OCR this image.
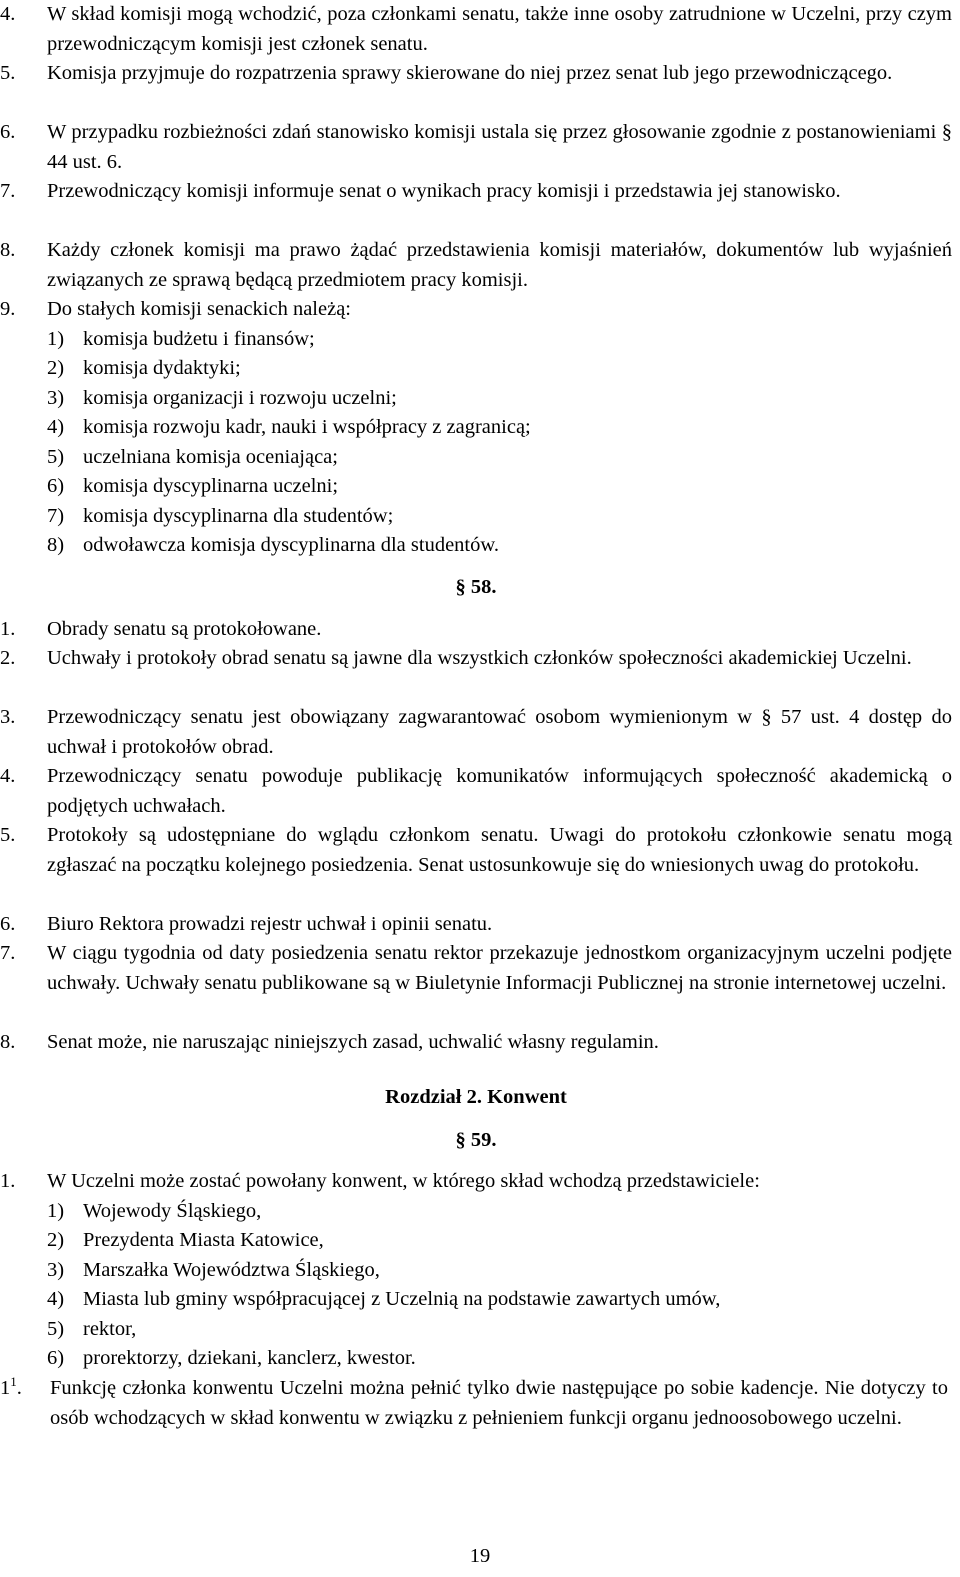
4.	W skład komisji mogą wchodzić, poza członkami senatu, także inne osoby zatrudnione w Uczelni, przy czym przewodniczącym komisji jest członek senatu.
5.	Komisja przyjmuje do rozpatrzenia sprawy skierowane do niej przez senat lub jego przewodniczącego.
6.	W przypadku rozbieżności zdań stanowisko komisji ustala się przez głosowanie zgodnie z postanowieniami § 44 ust. 6.
7.	Przewodniczący komisji informuje senat o wynikach pracy komisji i przedstawia jej stanowisko.
8.	Każdy członek komisji ma prawo żądać przedstawienia komisji materiałów, dokumentów lub wyjaśnień związanych ze sprawą będącą przedmiotem pracy komisji.
9.	Do stałych komisji senackich należą:
1) komisja budżetu i finansów;
2) komisja dydaktyki;
3) komisja organizacji i rozwoju uczelni;
4) komisja rozwoju kadr, nauki i współpracy z zagranicą;
5) uczelniana komisja oceniająca;
6) komisja dyscyplinarna uczelni;
7) komisja dyscyplinarna dla studentów;
8) odwoławcza komisja dyscyplinarna dla studentów.
§ 58.
1.	Obrady senatu są protokołowane.
2.	Uchwały i protokoły obrad senatu są jawne dla wszystkich członków społeczności akademickiej Uczelni.
3.	Przewodniczący senatu jest obowiązany zagwarantować osobom wymienionym w § 57 ust. 4 dostęp do uchwał i protokołów obrad.
4.	Przewodniczący senatu powoduje publikację komunikatów informujących społeczność akademicką o podjętych uchwałach.
5.	Protokoły są udostępniane do wglądu członkom senatu. Uwagi do protokołu członkowie senatu mogą zgłaszać na początku kolejnego posiedzenia. Senat ustosunkowuje się do wniesionych uwag do protokołu.
6.	Biuro Rektora prowadzi rejestr uchwał i opinii senatu.
7.	W ciągu tygodnia od daty posiedzenia senatu rektor przekazuje jednostkom organizacyjnym uczelni podjęte uchwały. Uchwały senatu publikowane są w Biuletynie Informacji Publicznej na stronie internetowej uczelni.
8.	Senat może, nie naruszając niniejszych zasad, uchwalić własny regulamin.
Rozdział 2. Konwent
§ 59.
1.	W Uczelni może zostać powołany konwent, w którego skład wchodzą przedstawiciele:
1) Wojewody Śląskiego,
2) Prezydenta Miasta Katowice,
3) Marszałka Województwa Śląskiego,
4) Miasta lub gminy współpracującej z Uczelnią na podstawie zawartych umów,
5) rektor,
6) prorektorzy, dziekani, kanclerz, kwestor.
$1^1$.	Funkcję członka konwentu Uczelni można pełnić tylko dwie następujące po sobie kadencje. Nie dotyczy to osób wchodzących w skład konwentu w związku z pełnieniem funkcji organu jednoosobowego uczelni.
19
